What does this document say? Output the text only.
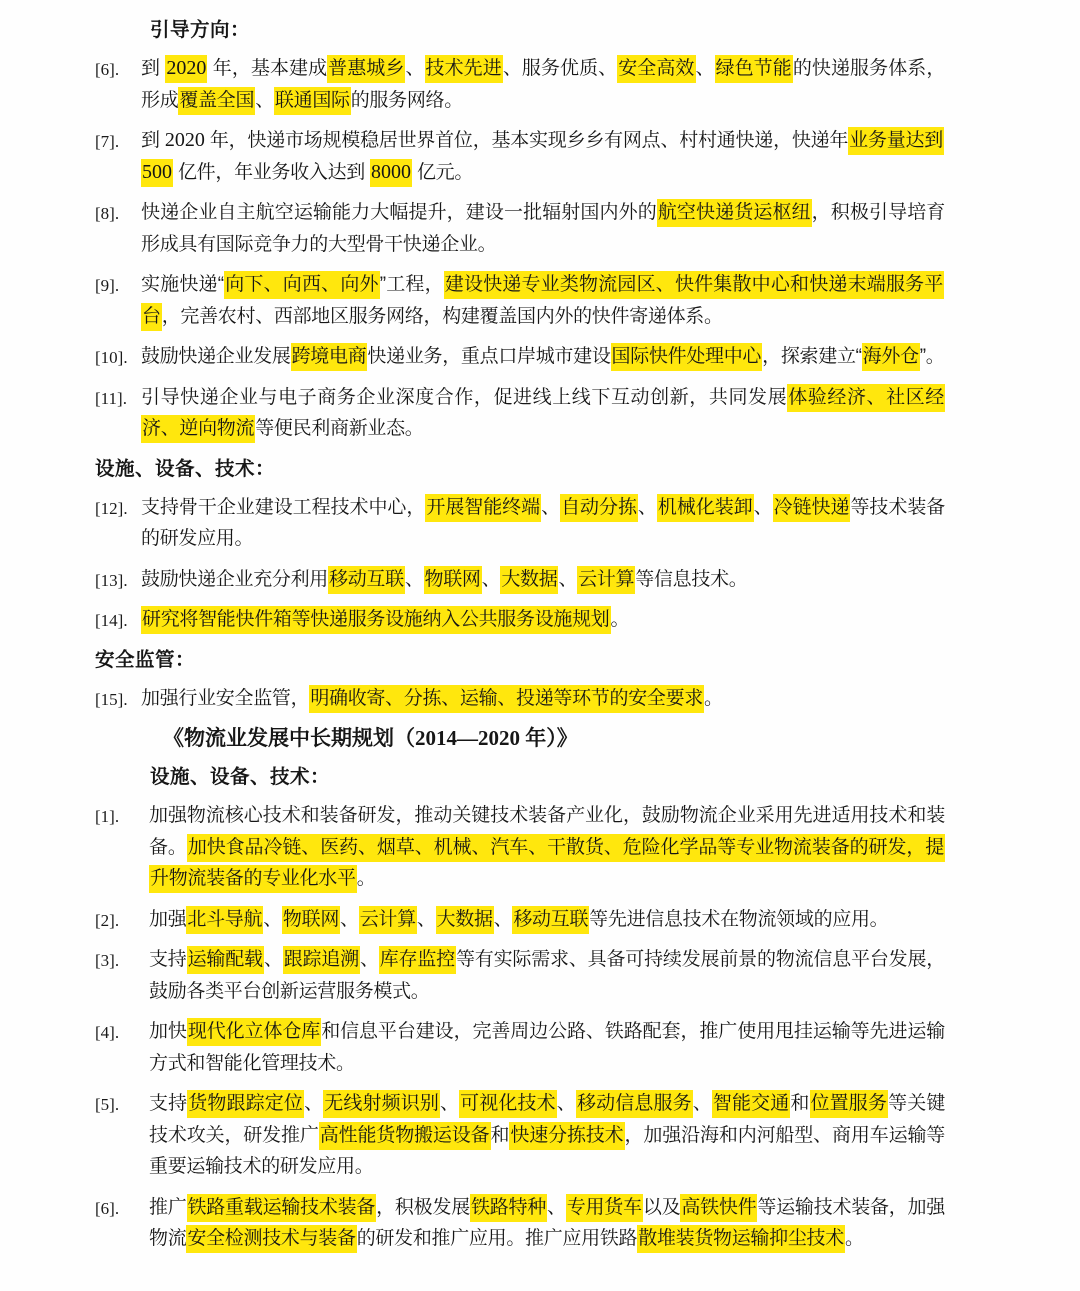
引导方向：
[6]. 到 2020 年，基本建成普惠城乡、技术先进、服务优质、安全高效、绿色节能的快递服务体系，形成覆盖全国、联通国际的服务网络。
[7]. 到 2020 年，快递市场规模稳居世界首位，基本实现乡乡有网点、村村通快递，快递年业务量达到 500 亿件，年业务收入达到 8000 亿元。
[8]. 快递企业自主航空运输能力大幅提升，建设一批辐射国内外的航空快递货运枢纽，积极引导培育形成具有国际竞争力的大型骨干快递企业。
[9]. 实施快递“向下、向西、向外”工程，建设快递专业类物流园区、快件集散中心和快递末端服务平台，完善农村、西部地区服务网络，构建覆盖国内外的快件寄递体系。
[10]. 鼓励快递企业发展跨境电商快递业务，重点口岸城市建设国际快件处理中心，探索建立“海外仓”。
[11]. 引导快递企业与电子商务企业深度合作，促进线上线下互动创新，共同发展体验经济、社区经济、逆向物流等便民利商新业态。
设施、设备、技术：
[12]. 支持骨干企业建设工程技术中心，开展智能终端、自动分拣、机械化装卸、冷链快递等技术装备的研发应用。
[13]. 鼓励快递企业充分利用移动互联、物联网、大数据、云计算等信息技术。
[14]. 研究将智能快件箱等快递服务设施纳入公共服务设施规划。
安全监管：
[15]. 加强行业安全监管，明确收寄、分拣、运输、投递等环节的安全要求。
《物流业发展中长期规划（2014—2020 年）》
设施、设备、技术：
[1]. 加强物流核心技术和装备研发，推动关键技术装备产业化，鼓励物流企业采用先进适用技术和装备。加快食品冷链、医药、烟草、机械、汽车、干散货、危险化学品等专业物流装备的研发，提升物流装备的专业化水平。
[2]. 加强北斗导航、物联网、云计算、大数据、移动互联等先进信息技术在物流领域的应用。
[3]. 支持运输配载、跟踪追溯、库存监控等有实际需求、具备可持续发展前景的物流信息平台发展，鼓励各类平台创新运营服务模式。
[4]. 加快现代化立体仓库和信息平台建设，完善周边公路、铁路配套，推广使用甩挂运输等先进运输方式和智能化管理技术。
[5]. 支持货物跟踪定位、无线射频识别、可视化技术、移动信息服务、智能交通和位置服务等关键技术攻关，研发推广高性能货物搬运设备和快速分拣技术，加强沿海和内河船型、商用车运输等重要运输技术的研发应用。
[6]. 推广铁路重载运输技术装备，积极发展铁路特种、专用货车以及高铁快件等运输技术装备，加强物流安全检测技术与装备的研发和推广应用。推广应用铁路散堆装货物运输抑尘技术。
